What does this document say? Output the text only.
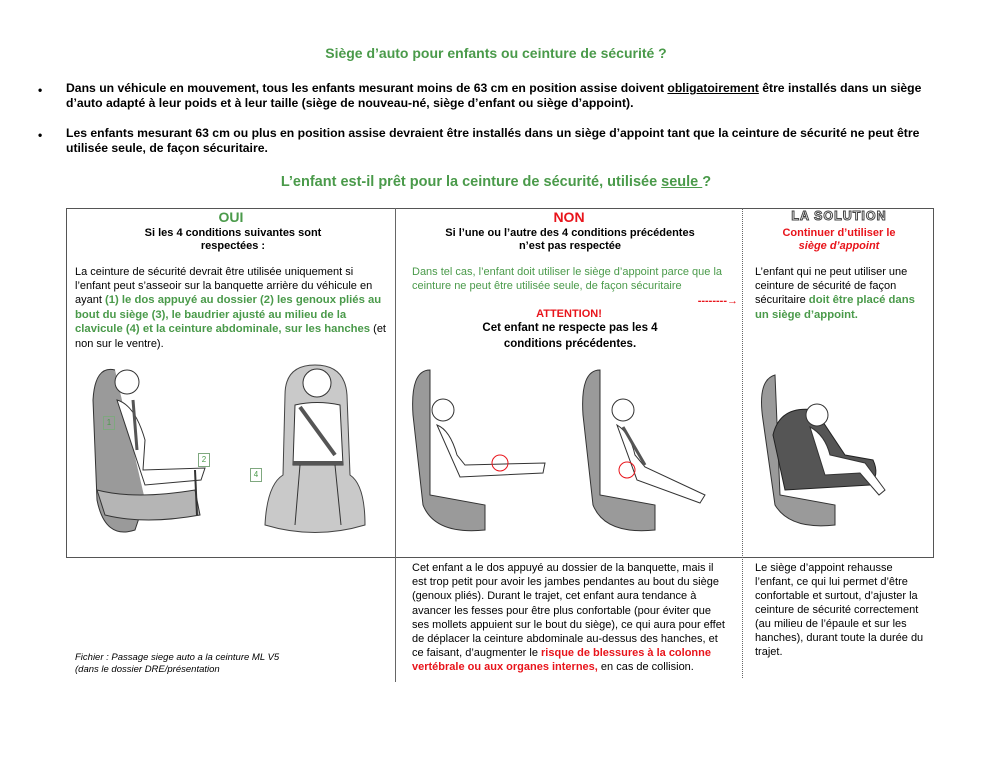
Siège d’auto pour enfants ou ceinture de sécurité ?
• Dans un véhicule en mouvement, tous les enfants mesurant moins de 63 cm en position assise doivent obligatoirement être installés dans un siège d’auto adapté à leur poids et à leur taille (siège de nouveau-né, siège d’enfant ou siège d’appoint).
• Les enfants mesurant 63 cm ou plus en position assise devraient être installés dans un siège d’appoint tant que la ceinture de sécurité ne peut être utilisée seule, de façon sécuritaire.
L’enfant est-il prêt pour la ceinture de sécurité, utilisée seule ?
OUI
Si les 4 conditions suivantes sont respectées :
La ceinture de sécurité devrait être utilisée uniquement si l’enfant peut s’asseoir sur la banquette arrière du véhicule en ayant (1) le dos appuyé au dossier (2) les genoux pliés au bout du siège (3), le baudrier ajusté au milieu de la clavicule (4) et la ceinture abdominale, sur les hanches (et non sur le ventre).
NON
Si l’une ou l’autre des 4 conditions précédentes n’est pas respectée
Dans tel cas, l’enfant doit utiliser le siège d’appoint parce que la ceinture ne peut être utilisée seule, de façon sécuritaire
--------→
ATTENTION!
Cet enfant ne respecte pas les 4 conditions précédentes.
LA SOLUTION
Continuer d’utiliser le
siège d’appoint
L’enfant qui ne peut utiliser une ceinture de sécurité de façon sécuritaire doit être placé dans un siège d’appoint.
1
2
4
Cet enfant a le dos appuyé au dossier de la banquette, mais il est trop petit pour avoir les jambes pendantes au bout du siège (genoux pliés). Durant le trajet, cet enfant aura tendance à avancer les fesses pour être plus confortable (pour éviter que ses mollets appuient sur le bout du siège), ce qui aura pour effet de déplacer la ceinture abdominale au-dessus des hanches, et ce faisant, d’augmenter le risque de blessures à la colonne vertébrale ou aux organes internes, en cas de collision.
Le siège d’appoint rehausse l’enfant, ce qui lui permet d’être confortable et surtout, d’ajuster la ceinture de sécurité correctement (au milieu de l’épaule et sur les hanches), durant toute la durée du trajet.
Fichier : Passage siege auto a la ceinture ML V5
(dans le dossier DRE/présentation
